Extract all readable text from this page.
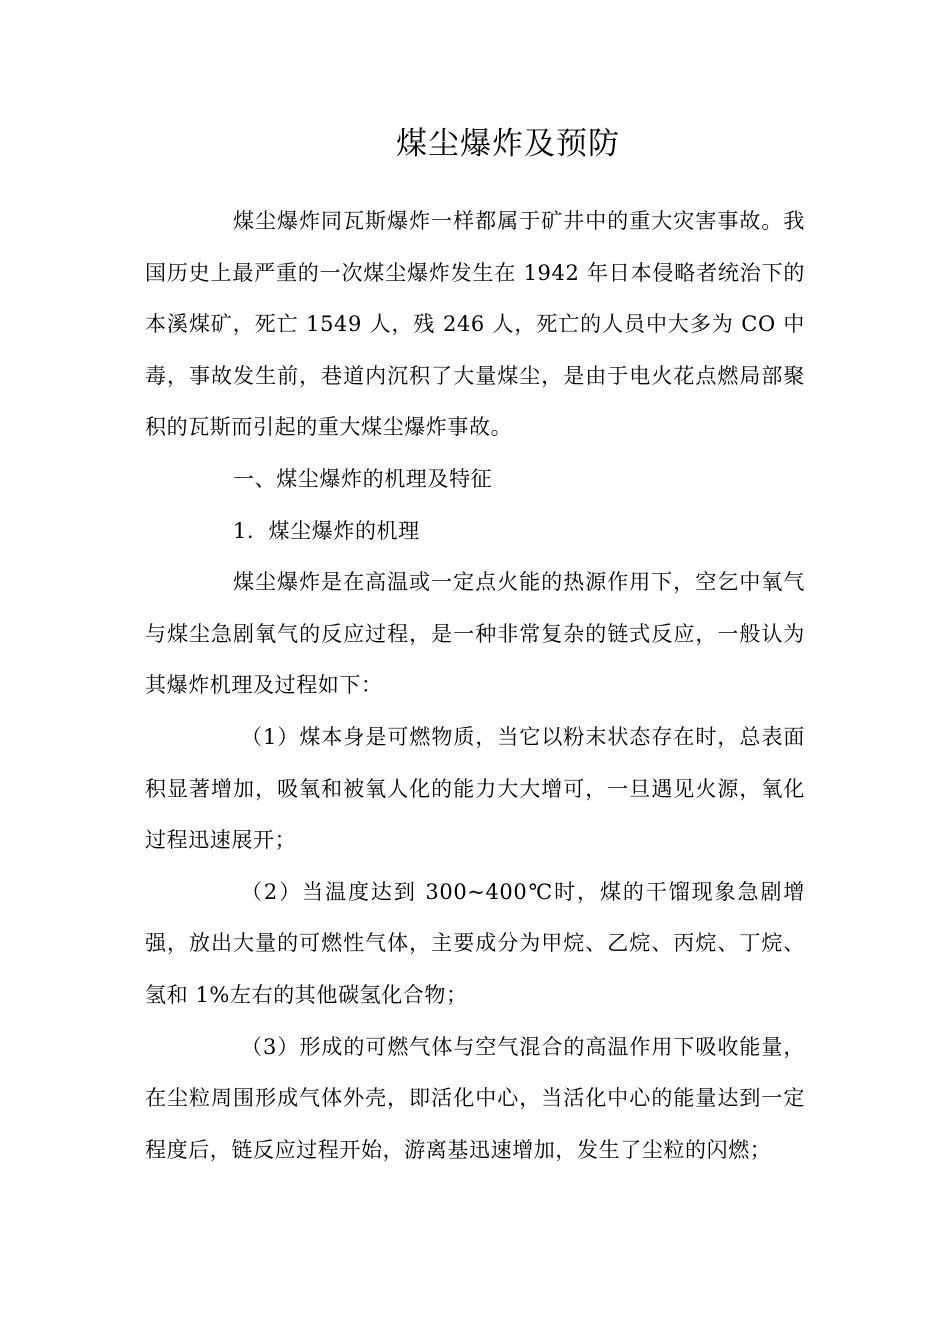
煤尘爆炸及预防

煤尘爆炸同瓦斯爆炸一样都属于矿井中的重大灾害事故。我国历史上最严重的一次煤尘爆炸发生在 1942 年日本侵略者统治下的本溪煤矿，死亡 1549 人，残 246 人，死亡的人员中大多为 CO 中毒，事故发生前，巷道内沉积了大量煤尘，是由于电火花点燃局部聚积的瓦斯而引起的重大煤尘爆炸事故。

一、煤尘爆炸的机理及特征

1．煤尘爆炸的机理

煤尘爆炸是在高温或一定点火能的热源作用下，空乞中氧气与煤尘急剧氧气的反应过程，是一种非常复杂的链式反应，一般认为其爆炸机理及过程如下：

（1）煤本身是可燃物质，当它以粉末状态存在时，总表面积显著增加，吸氧和被氧人化的能力大大增可，一旦遇见火源，氧化过程迅速展开；

（2）当温度达到 300~400℃时，煤的干馏现象急剧增强，放出大量的可燃性气体，主要成分为甲烷、乙烷、丙烷、丁烷、氢和 1%左右的其他碳氢化合物；

（3）形成的可燃气体与空气混合的高温作用下吸收能量，在尘粒周围形成气体外壳，即活化中心，当活化中心的能量达到一定程度后，链反应过程开始，游离基迅速增加，发生了尘粒的闪燃；
